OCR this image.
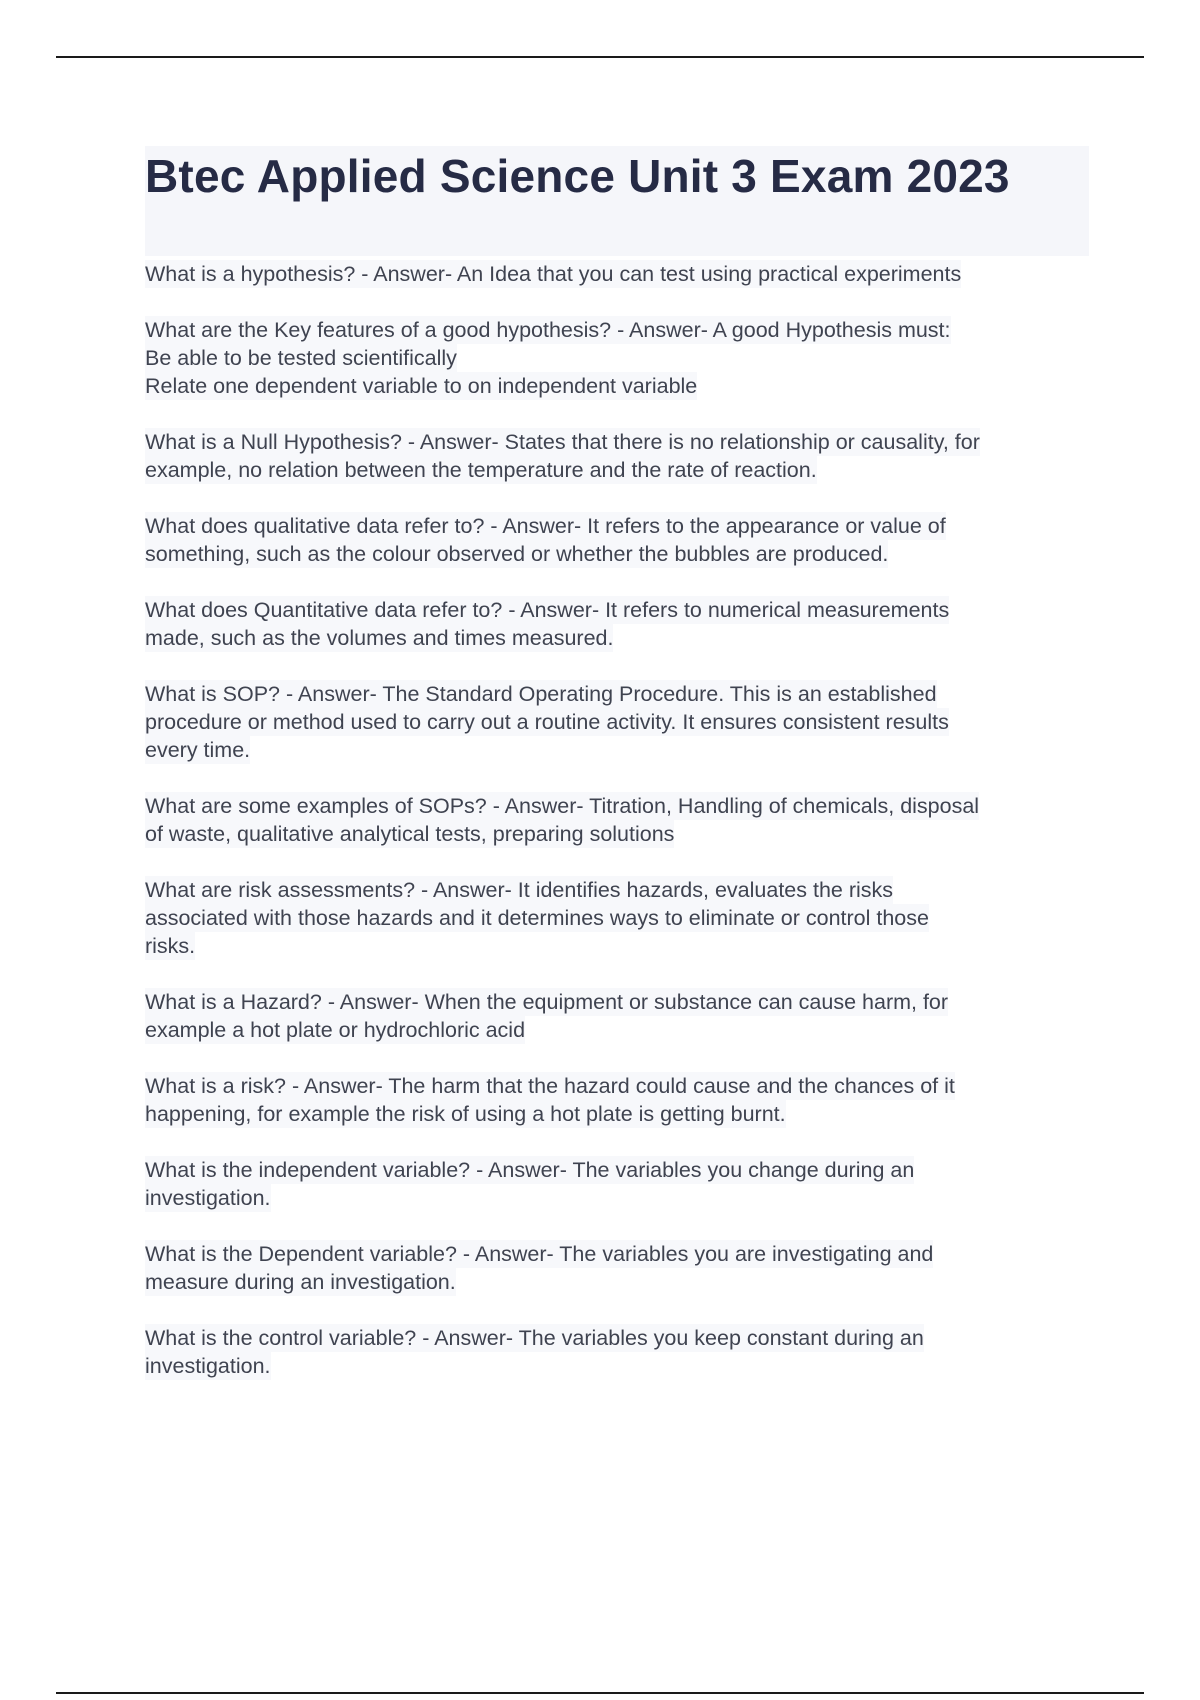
Btec Applied Science Unit 3 Exam 2023

What is a hypothesis? - Answer- An Idea that you can test using practical experiments

What are the Key features of a good hypothesis? - Answer- A good Hypothesis must:
Be able to be tested scientifically
Relate one dependent variable to on independent variable

What is a Null Hypothesis? - Answer- States that there is no relationship or causality, for
example, no relation between the temperature and the rate of reaction.

What does qualitative data refer to? - Answer- It refers to the appearance or value of
something, such as the colour observed or whether the bubbles are produced.

What does Quantitative data refer to? - Answer- It refers to numerical measurements
made, such as the volumes and times measured.

What is SOP? - Answer- The Standard Operating Procedure. This is an established
procedure or method used to carry out a routine activity. It ensures consistent results
every time.

What are some examples of SOPs? - Answer- Titration, Handling of chemicals, disposal
of waste, qualitative analytical tests, preparing solutions

What are risk assessments? - Answer- It identifies hazards, evaluates the risks
associated with those hazards and it determines ways to eliminate or control those
risks.

What is a Hazard? - Answer- When the equipment or substance can cause harm, for
example a hot plate or hydrochloric acid

What is a risk? - Answer- The harm that the hazard could cause and the chances of it
happening, for example the risk of using a hot plate is getting burnt.

What is the independent variable? - Answer- The variables you change during an
investigation.

What is the Dependent variable? - Answer- The variables you are investigating and
measure during an investigation.

What is the control variable? - Answer- The variables you keep constant during an
investigation.
